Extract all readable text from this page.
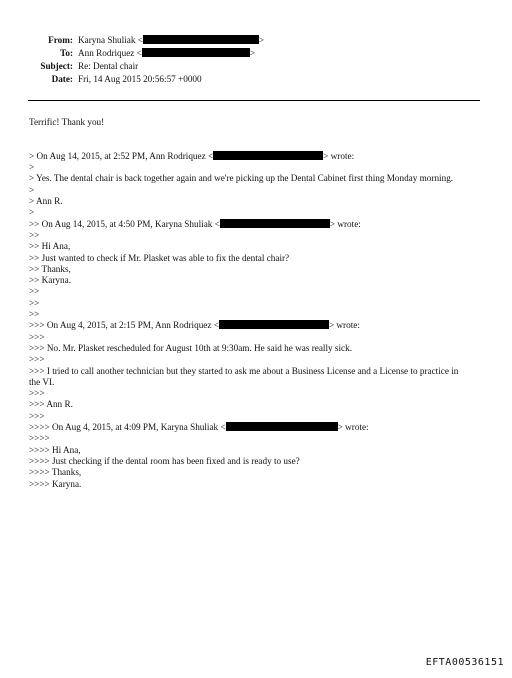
From: Karyna Shuliak <	>
To: Ann Rodriquez <	>
Subject: Re: Dental chair
Date: Fri, 14 Aug 2015 20:56:57 +0000
Terrific! Thank you!
> On Aug 14, 2015, at 2:52 PM, Ann Rodriquez <	> wrote:
>
> Yes. The dental chair is back together again and we're picking up the Dental Cabinet first thing Monday morning.
>
> Ann R.
>
>> On Aug 14, 2015, at 4:50 PM, Karyna Shuliak <	> wrote:
>>
>> Hi Ana,
>> Just wanted to check if Mr. Plasket was able to fix the dental chair?
>> Thanks,
>> Karyna.
>>
>>
>>
>>> On Aug 4, 2015, at 2:15 PM, Ann Rodriquez <	> wrote:
>>>
>>> No. Mr. Plasket rescheduled for August 10th at 9:30am. He said he was really sick.
>>>
>>> I tried to call another technician but they started to ask me about a Business License and a License to practice in the VI.
>>>
>>> Ann R.
>>>
>>>> On Aug 4, 2015, at 4:09 PM, Karyna Shuliak <	> wrote:
>>>>
>>>> Hi Ana,
>>>> Just checking if the dental room has been fixed and is ready to use?
>>>> Thanks,
>>>> Karyna.
EFTA00536151
